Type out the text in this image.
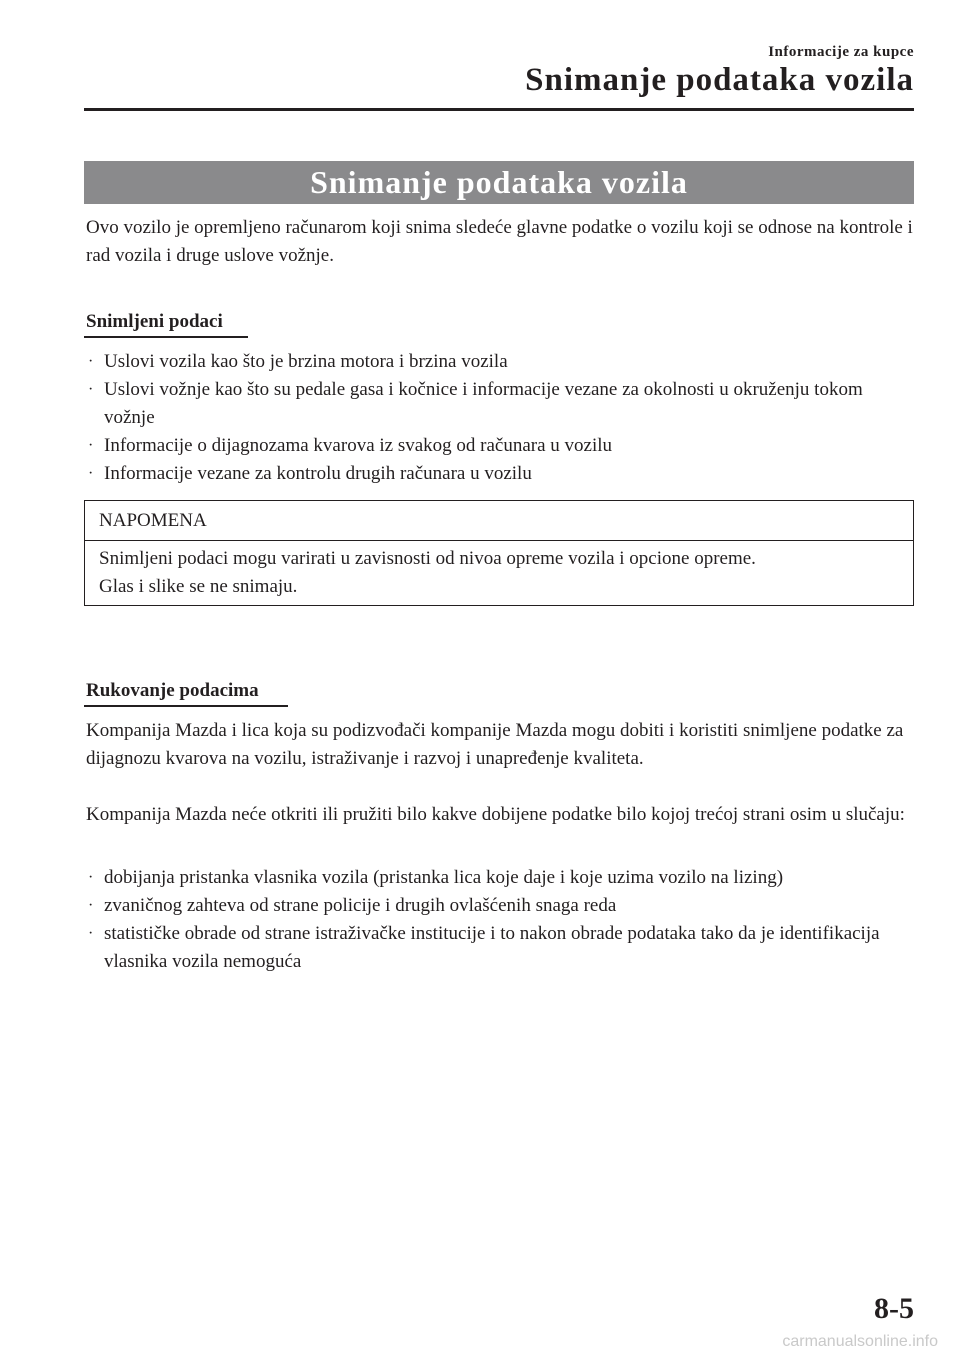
Informacije za kupce
Snimanje podataka vozila
Snimanje podataka vozila

Ovo vozilo je opremljeno računarom koji snima sledeće glavne podatke o vozilu koji se odnose na kontrole i rad vozila i druge uslove vožnje.

Snimljeni podaci
· Uslovi vozila kao što je brzina motora i brzina vozila
· Uslovi vožnje kao što su pedale gasa i kočnice i informacije vezane za okolnosti u okruženju tokom vožnje
· Informacije o dijagnozama kvarova iz svakog od računara u vozilu
· Informacije vezane za kontrolu drugih računara u vozilu
NAPOMENA
Snimljeni podaci mogu varirati u zavisnosti od nivoa opreme vozila i opcione opreme.
Glas i slike se ne snimaju.
Rukovanje podacima

Kompanija Mazda i lica koja su podizvođači kompanije Mazda mogu dobiti i koristiti snimljene podatke za dijagnozu kvarova na vozilu, istraživanje i razvoj i unapređenje kvaliteta.

Kompanija Mazda neće otkriti ili pružiti bilo kakve dobijene podatke bilo kojoj trećoj strani osim u slučaju:

· dobijanja pristanka vlasnika vozila (pristanka lica koje daje i koje uzima vozilo na lizing)
· zvaničnog zahteva od strane policije i drugih ovlašćenih snaga reda
· statističke obrade od strane istraživačke institucije i to nakon obrade podataka tako da je identifikacija vlasnika vozila nemoguća
8-5
carmanualsonline.info
